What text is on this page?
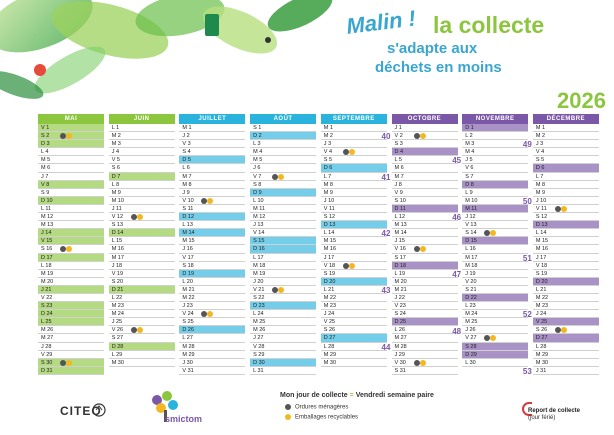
Malin ! la collecte
s'adapte aux
déchets en moins
2026
MAI
V 1
S 2
D 3
L 4
M 5
M 6
J 7
V 8
S 9
D 10
L 11
M 12
M 13
J 14
V 15
S 16
D 17
L 18
M 19
M 20
J 21
V 22
S 23
D 24
L 25
M 26
M 27
J 28
V 29
S 30
D 31
JUIN
L 1
M 2
M 3
J 4
V 5
S 6
D 7
L 8
M 9
M 10
J 11
V 12
S 13
D 14
L 15
M 16
M 17
J 18
V 19
S 20
D 21
L 22
M 23
M 24
J 25
V 26
S 27
D 28
L 29
M 30
JUILLET
M 1
J 2
V 3
S 4
D 5
L 6
M 7
M 8
J 9
V 10
S 11
D 12
L 13
M 14
M 15
J 16
V 17
S 18
D 19
L 20
M 21
M 22
J 23
V 24
S 25
D 26
L 27
M 28
M 29
J 30
V 31
AOÛT
S 1
D 2
L 3
M 4
M 5
J 6
V 7
S 8
D 9
L 10
M 11
M 12
J 13
V 14
S 15
D 16
L 17
M 18
M 19
J 20
V 21
S 22
D 23
L 24
M 25
M 26
J 27
V 28
S 29
D 30
L 31
SEPTEMBRE
M 1
M 2
J 3
V 4
S 5
D 6
L 7
M 8
M 9
J 10
V 11
S 12
D 13
L 14
M 15
M 16
J 17
V 18
S 19
D 20
L 21
M 22
M 23
J 24
V 25
S 26
D 27
L 28
M 29
M 30
OCTOBRE
J 1
V 2
S 3
D 4
L 5
M 6
M 7
J 8
V 9
S 10
D 11
L 12
M 13
M 14
J 15
V 16
S 17
D 18
L 19
M 20
M 21
J 22
V 23
S 24
D 25
L 26
M 27
M 28
J 29
V 30
S 31
NOVEMBRE
D 1
L 2
M 3
M 4
J 5
V 6
S 7
D 8
L 9
M 10
M 11
J 12
V 13
S 14
D 15
L 16
M 17
M 18
J 19
V 20
S 21
D 22
L 23
M 24
M 25
J 26
V 27
S 28
D 29
L 30
DÉCEMBRE
M 1
M 2
J 3
V 4
S 5
D 6
L 7
M 8
M 9
J 10
V 11
S 12
D 13
L 14
M 15
M 16
J 17
V 18
S 19
D 20
L 21
M 22
M 23
J 24
V 25
S 26
D 27
L 28
M 29
M 30
J 31
40
41
42
43
44
45
46
47
48
49
50
51
52
53
CITEO
smictom
Mon jour de collecte = Vendredi semaine paire
Ordures ménagères
Emballages recyclables
Report de collecte
(jour férié)
